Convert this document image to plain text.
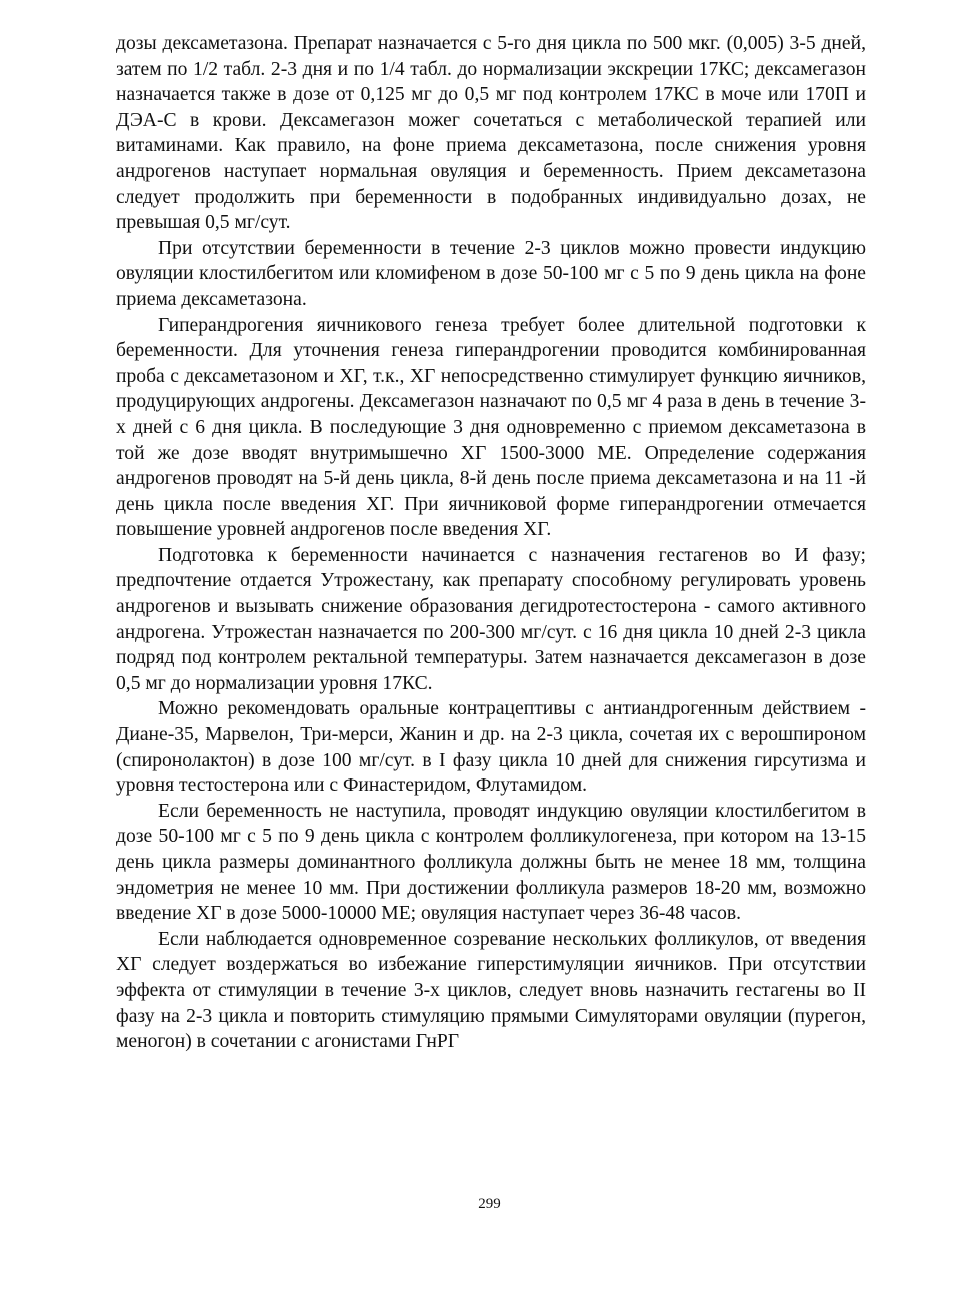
дозы дексаметазона. Препарат назначается с 5-го дня цикла по 500 мкг. (0,005) 3-5 дней, затем по 1/2 табл. 2-3 дня и по 1/4 табл. до нормализации экскреции 17КС; дексамегазон назначается также в дозе от 0,125 мг до 0,5 мг под контролем 17КС в моче или 170П и ДЭА-С в крови. Дексамегазон можег сочетаться с метаболической терапией или витаминами. Как правило, на фоне приема дексаметазона, после снижения уровня андрогенов наступает нормальная овуляция и беременность. Прием дексаметазона следует продолжить при беременности в подобранных индивидуально дозах, не превышая 0,5 мг/сут.

При отсутствии беременности в течение 2-3 циклов можно провести индукцию овуляции клостилбегитом или кломифеном в дозе 50-100 мг с 5 по 9 день цикла на фоне приема дексаметазона.

Гиперандрогения яичникового генеза требует более длительной подготовки к беременности. Для уточнения генеза гиперандрогении проводится комбинированная проба с дексаметазоном и ХГ, т.к., ХГ непосредственно стимулирует функцию яичников, продуцирующих андрогены. Дексамегазон назначают по 0,5 мг 4 раза в день в течение 3-х дней с 6 дня цикла. В последующие 3 дня одновременно с приемом дексаметазона в той же дозе вводят внутримышечно ХГ 1500-3000 МЕ. Определение содержания андрогенов проводят на 5-й день цикла, 8-й день после приема дексаметазона и на 11 -й день цикла после введения ХГ. При яичниковой форме гиперандрогении отмечается повышение уровней андрогенов после введения ХГ.

Подготовка к беременности начинается с назначения гестагенов во И фазу; предпочтение отдается Утрожестану, как препарату способному регулировать уровень андрогенов и вызывать снижение образования дегидротестостерона - самого активного андрогена. Утрожестан назначается по 200-300 мг/сут. с 16 дня цикла 10 дней 2-3 цикла подряд под контролем ректальной температуры. Затем назначается дексамегазон в дозе 0,5 мг до нормализации уровня 17КС.

Можно рекомендовать оральные контрацептивы с антиандрогенным действием - Диане-35, Марвелон, Три-мерси, Жанин и др. на 2-3 цикла, сочетая их с верошпироном (спиронолактон) в дозе 100 мг/сут. в I фазу цикла 10 дней для снижения гирсутизма и уровня тестостерона или с Финастеридом, Флутамидом.

Если беременность не наступила, проводят индукцию овуляции клостилбегитом в дозе 50-100 мг с 5 по 9 день цикла с контролем фолликулогенеза, при котором на 13-15 день цикла размеры доминантного фолликула должны быть не менее 18 мм, толщина эндометрия не менее 10 мм. При достижении фолликула размеров 18-20 мм, возможно введение ХГ в дозе 5000-10000 МЕ; овуляция наступает через 36-48 часов.

Если наблюдается одновременное созревание нескольких фолликулов, от введения ХГ следует воздержаться во избежание гиперстимуляции яичников. При отсутствии эффекта от стимуляции в течение 3-х циклов, следует вновь назначить гестагены во II фазу на 2-3 цикла и повторить стимуляцию прямыми Симуляторами овуляции (пурегон, меногон) в сочетании с агонистами ГнРГ

299
